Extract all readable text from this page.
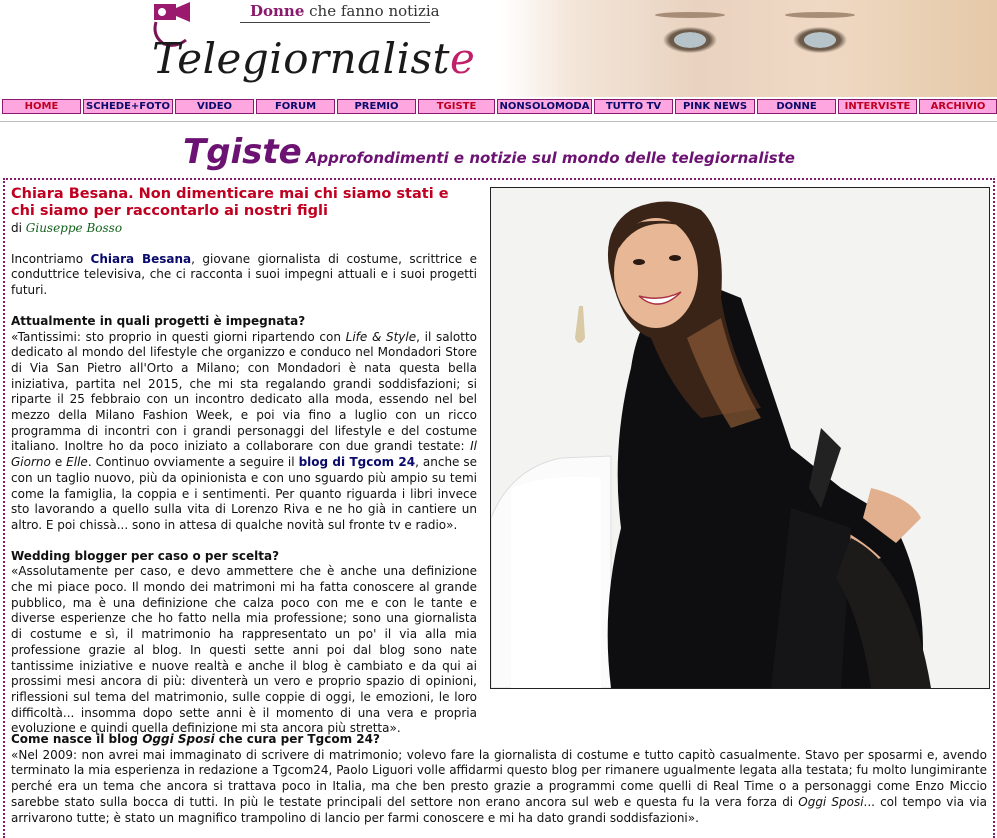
Donne che fanno notizia
Telegiornaliste
HOME	SCHEDE+FOTO	VIDEO	FORUM	PREMIO	TGISTE	NONSOLOMODA	TUTTO TV	PINK NEWS	DONNE	INTERVISTE	ARCHIVIO
Tgiste Approfondimenti e notizie sul mondo delle telegiornaliste
Chiara Besana. Non dimenticare mai chi siamo stati e chi siamo per raccontarlo ai nostri figli
di Giuseppe Bosso

Incontriamo Chiara Besana, giovane giornalista di costume, scrittrice e conduttrice televisiva, che ci racconta i suoi impegni attuali e i suoi progetti futuri.

Attualmente in quali progetti è impegnata?

«Tantissimi: sto proprio in questi giorni ripartendo con Life & Style, il salotto dedicato al mondo del lifestyle che organizzo e conduco nel Mondadori Store di Via San Pietro all'Orto a Milano; con Mondadori è nata questa bella iniziativa, partita nel 2015, che mi sta regalando grandi soddisfazioni; si riparte il 25 febbraio con un incontro dedicato alla moda, essendo nel bel mezzo della Milano Fashion Week, e poi via fino a luglio con un ricco programma di incontri con i grandi personaggi del lifestyle e del costume italiano. Inoltre ho da poco iniziato a collaborare con due grandi testate: Il Giorno e Elle. Continuo ovviamente a seguire il blog di Tgcom 24, anche se con un taglio nuovo, più da opinionista e con uno sguardo più ampio su temi come la famiglia, la coppia e i sentimenti. Per quanto riguarda i libri invece sto lavorando a quello sulla vita di Lorenzo Riva e ne ho già in cantiere un altro. E poi chissà... sono in attesa di qualche novità sul fronte tv e radio».

Wedding blogger per caso o per scelta?

«Assolutamente per caso, e devo ammettere che è anche una definizione che mi piace poco. Il mondo dei matrimoni mi ha fatta conoscere al grande pubblico, ma è una definizione che calza poco con me e con le tante e diverse esperienze che ho fatto nella mia professione; sono una giornalista di costume e sì, il matrimonio ha rappresentato un po' il via alla mia professione grazie al blog. In questi sette anni poi dal blog sono nate tantissime iniziative e nuove realtà e anche il blog è cambiato e da qui ai prossimi mesi ancora di più: diventerà un vero e proprio spazio di opinioni, riflessioni sul tema del matrimonio, sulle coppie di oggi, le emozioni, le loro difficoltà... insomma dopo sette anni è il momento di una vera e propria evoluzione e quindi quella definizione mi sta ancora più stretta».

Come nasce il blog Oggi Sposi che cura per Tgcom 24?

«Nel 2009: non avrei mai immaginato di scrivere di matrimonio; volevo fare la giornalista di costume e tutto capitò casualmente. Stavo per sposarmi e, avendo terminato la mia esperienza in redazione a Tgcom24, Paolo Liguori volle affidarmi questo blog per rimanere ugualmente legata alla testata; fu molto lungimirante perché era un tema che ancora si trattava poco in Italia, ma che ben presto grazie a programmi come quelli di Real Time o a personaggi come Enzo Miccio sarebbe stato sulla bocca di tutti. In più le testate principali del settore non erano ancora sul web e questa fu la vera forza di Oggi Sposi... col tempo via via arrivarono tutte; è stato un magnifico trampolino di lancio per farmi conoscere e mi ha dato grandi soddisfazioni».
